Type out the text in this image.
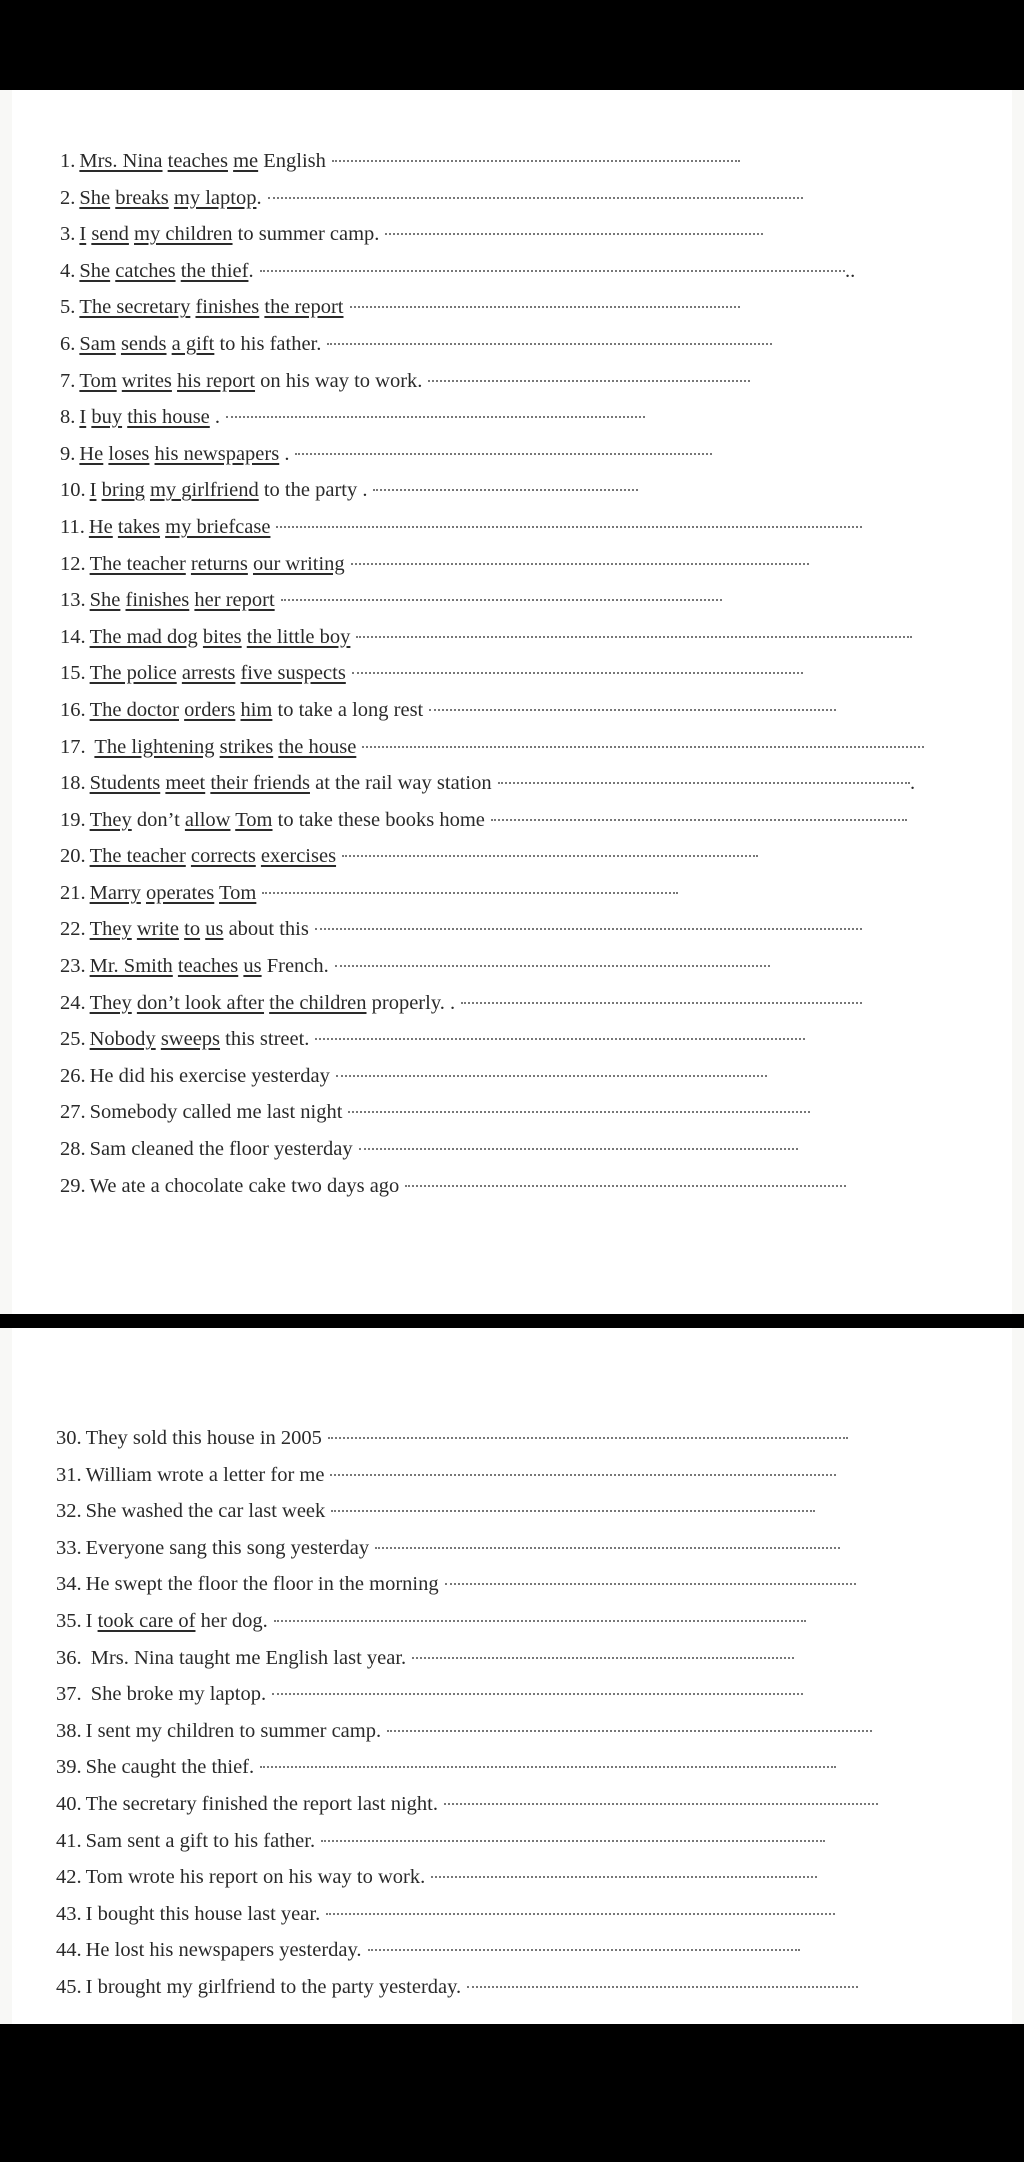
1. Mrs. Nina teaches me English
2. She breaks my laptop.
3. I send my children to summer camp.
4. She catches the thief.	..
5. The secretary finishes the report
6. Sam sends a gift to his father.
7. Tom writes his report on his way to work.
8. I buy this house .
9. He loses his newspapers .
10. I bring my girlfriend to the party .
11. He takes my briefcase
12. The teacher returns our writing
13. She finishes her report
14. The mad dog bites the little boy
15. The police arrests five suspects
16. The doctor orders him to take a long rest
17. The lightening strikes the house
18. Students meet their friends at the rail way station	.
19. They don’t allow Tom to take these books home
20. The teacher corrects exercises
21. Marry operates Tom
22. They write to us about this
23. Mr. Smith teaches us French.
24. They don’t look after the children properly. .
25. Nobody sweeps this street.
26. He did his exercise yesterday
27. Somebody called me last night
28. Sam cleaned the floor yesterday
29. We ate a chocolate cake two days ago
30. They sold this house in 2005
31. William wrote a letter for me
32. She washed the car last week
33. Everyone sang this song yesterday
34. He swept the floor the floor in the morning
35. I took care of her dog.
36. Mrs. Nina taught me English last year.
37. She broke my laptop.
38. I sent my children to summer camp.
39. She caught the thief.
40. The secretary finished the report last night.
41. Sam sent a gift to his father.
42. Tom wrote his report on his way to work.
43. I bought this house last year.
44. He lost his newspapers yesterday.
45. I brought my girlfriend to the party yesterday.
